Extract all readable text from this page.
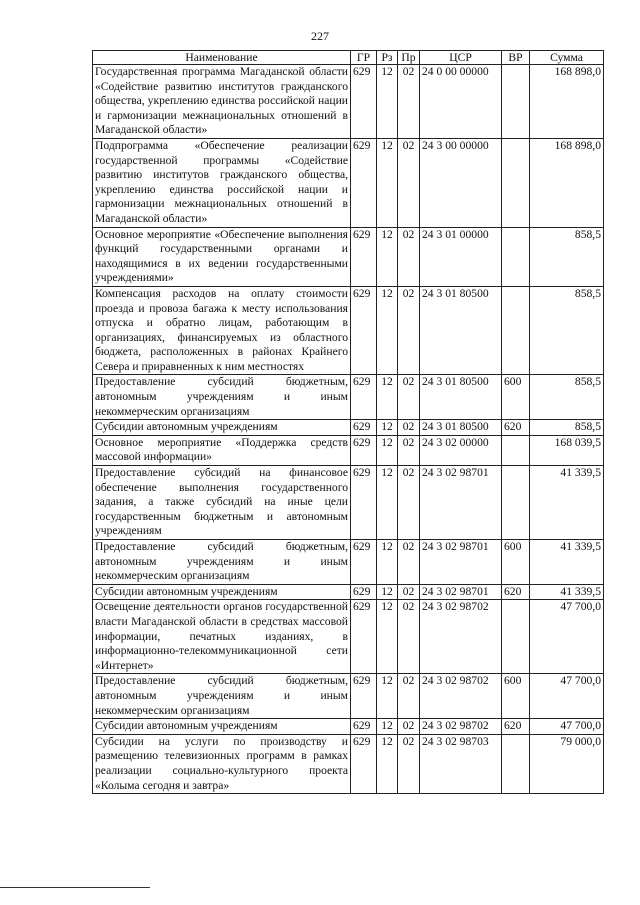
227
Наименование	ГР	Рз	Пр	ЦСР	ВР	Сумма
Государственная программа Магаданской области «Содействие развитию институтов гражданского общества, укреплению единства российской нации и гармонизации межнациональных отношений в Магаданской области»	629	12	02	24 0 00 00000		168 898,0
Подпрограмма «Обеспечение реализации государственной программы «Содействие развитию институтов гражданского общества, укреплению единства российской нации и гармонизации межнациональных отношений в Магаданской области»	629	12	02	24 3 00 00000		168 898,0
Основное мероприятие «Обеспечение выполнения функций государственными органами и находящимися в их ведении государственными учреждениями»	629	12	02	24 3 01 00000		858,5
Компенсация расходов на оплату стоимости проезда и провоза багажа к месту использования отпуска и обратно лицам, работающим в организациях, финансируемых из областного бюджета, расположенных в районах Крайнего Севера и приравненных к ним местностях	629	12	02	24 3 01 80500		858,5
Предоставление субсидий бюджетным, автономным учреждениям и иным некоммерческим организациям	629	12	02	24 3 01 80500	600	858,5
Субсидии автономным учреждениям	629	12	02	24 3 01 80500	620	858,5
Основное мероприятие «Поддержка средств массовой информации»	629	12	02	24 3 02 00000		168 039,5
Предоставление субсидий на финансовое обеспечение выполнения государственного задания, а также субсидий на иные цели государственным бюджетным и автономным учреждениям	629	12	02	24 3 02 98701		41 339,5
Предоставление субсидий бюджетным, автономным учреждениям и иным некоммерческим организациям	629	12	02	24 3 02 98701	600	41 339,5
Субсидии автономным учреждениям	629	12	02	24 3 02 98701	620	41 339,5
Освещение деятельности органов государственной власти Магаданской области в средствах массовой информации, печатных изданиях, в информационно-телекоммуникационной сети «Интернет»	629	12	02	24 3 02 98702		47 700,0
Предоставление субсидий бюджетным, автономным учреждениям и иным некоммерческим организациям	629	12	02	24 3 02 98702	600	47 700,0
Субсидии автономным учреждениям	629	12	02	24 3 02 98702	620	47 700,0
Субсидии на услуги по производству и размещению телевизионных программ в рамках реализации социально-культурного проекта «Колыма сегодня и завтра»	629	12	02	24 3 02 98703		79 000,0
